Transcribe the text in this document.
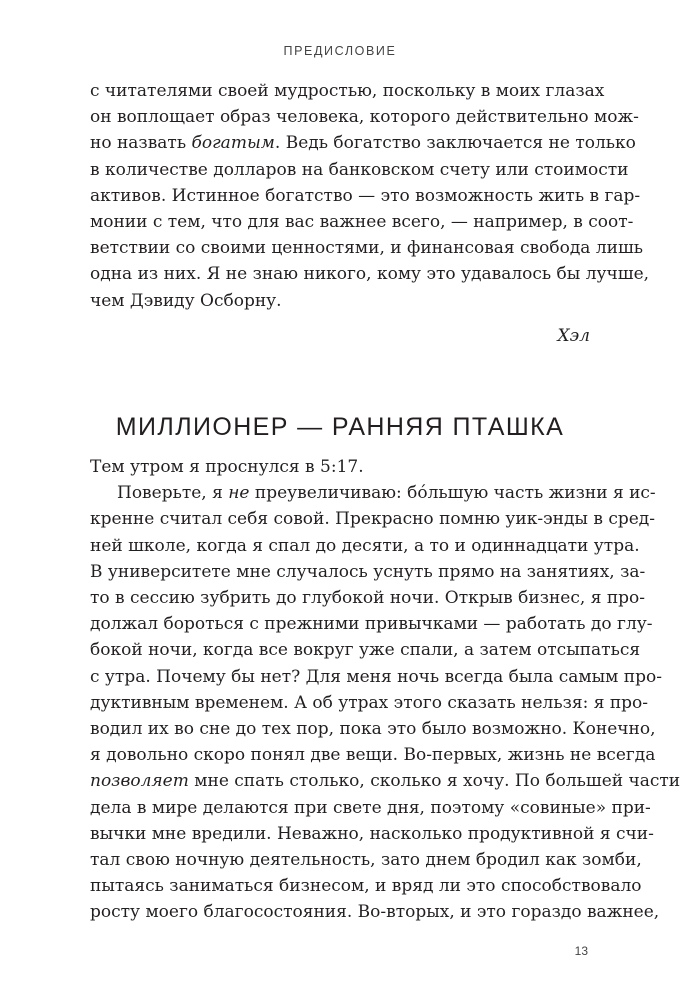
ПРЕДИСЛОВИЕ
с читателями своей мудростью, поскольку в моих глазах
он воплощает образ человека, которого действительно мож-
но назвать богатым. Ведь богатство заключается не только
в количестве долларов на банковском счету или стоимости
активов. Истинное богатство — это возможность жить в гар-
монии с тем, что для вас важнее всего, — например, в соот-
ветствии со своими ценностями, и финансовая свобода лишь
одна из них. Я не знаю никого, кому это удавалось бы лучше,
чем Дэвиду Осборну.
Хэл
МИЛЛИОНЕР — РАННЯЯ ПТАШКА
Тем утром я проснулся в 5:17.
Поверьте, я не преувеличиваю: бóльшую часть жизни я ис-
кренне считал себя совой. Прекрасно помню уик-энды в сред-
ней школе, когда я спал до десяти, а то и одиннадцати утра.
В университете мне случалось уснуть прямо на занятиях, за-
то в сессию зубрить до глубокой ночи. Открыв бизнес, я про-
должал бороться с прежними привычками — работать до глу-
бокой ночи, когда все вокруг уже спали, а затем отсыпаться
с утра. Почему бы нет? Для меня ночь всегда была самым про-
дуктивным временем. А об утрах этого сказать нельзя: я про-
водил их во сне до тех пор, пока это было возможно. Конечно,
я довольно скоро понял две вещи. Во-первых, жизнь не всегда
позволяет мне спать столько, сколько я хочу. По большей части
дела в мире делаются при свете дня, поэтому «совиные» при-
вычки мне вредили. Неважно, насколько продуктивной я счи-
тал свою ночную деятельность, зато днем бродил как зомби,
пытаясь заниматься бизнесом, и вряд ли это способствовало
росту моего благосостояния. Во-вторых, и это гораздо важнее,
13
